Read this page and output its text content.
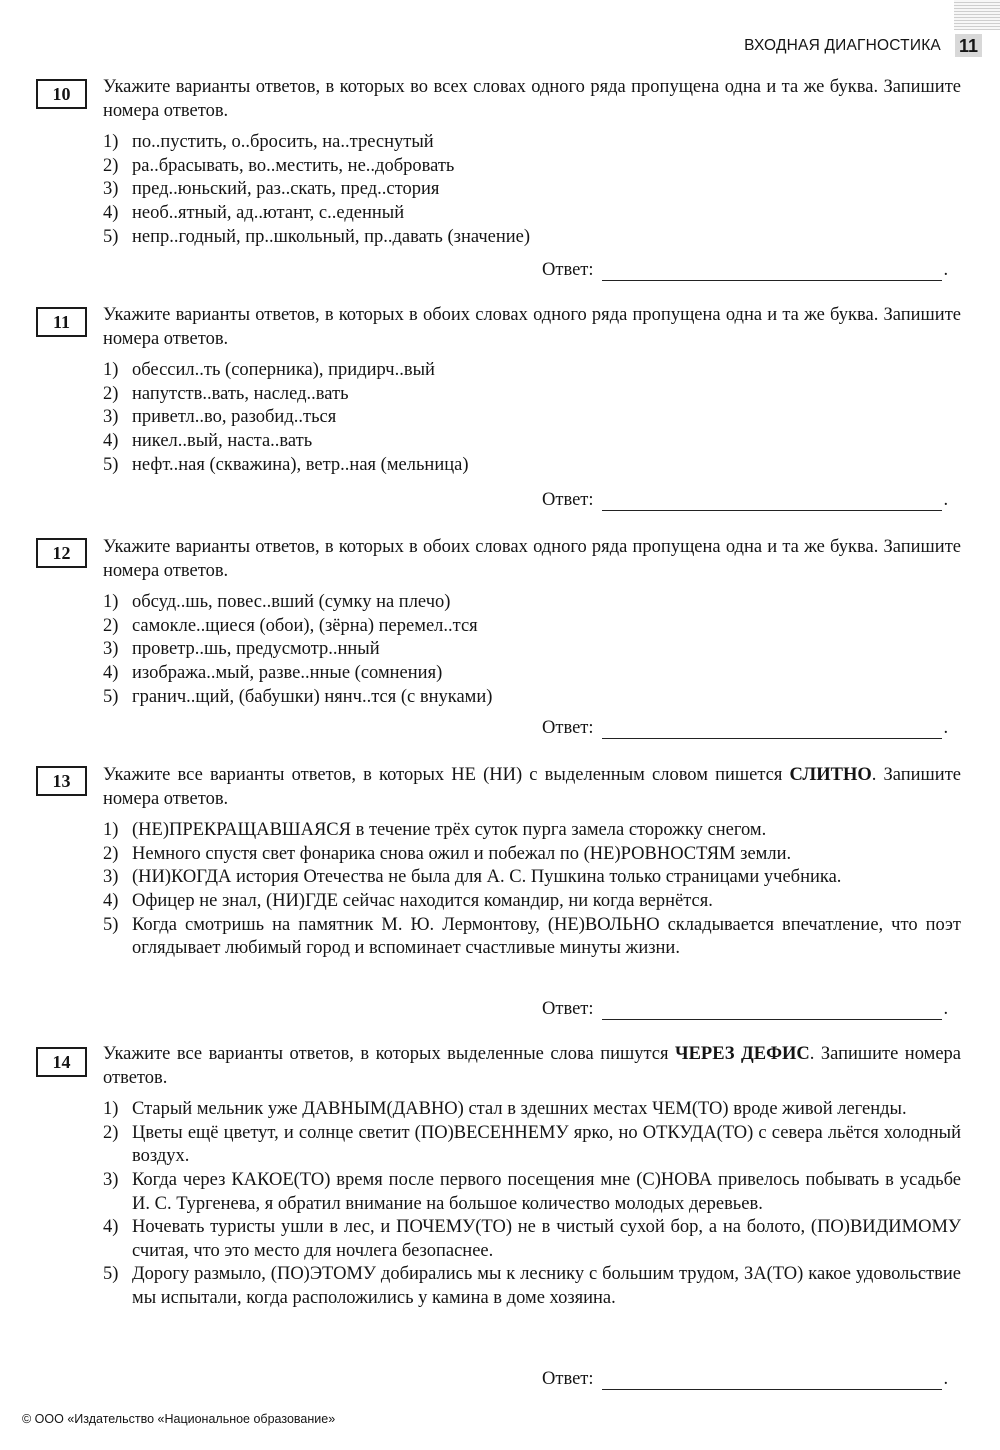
ВХОДНАЯ ДИАГНОСТИКА 11
10 Укажите варианты ответов, в которых во всех словах одного ряда пропущена одна и та же буква. Запишите номера ответов.

1) по..пустить, о..бросить, на..треснутый
2) ра..брасывать, во..местить, не..добровать
3) пред..юньский, раз..скать, пред..стория
4) необ..ятный, ад..ютант, с..еденный
5) непр..годный, пр..школьный, пр..давать (значение)
Ответ:	.
11 Укажите варианты ответов, в которых в обоих словах одного ряда пропущена одна и та же буква. Запишите номера ответов.

1) обессил..ть (соперника), придирч..вый
2) напутств..вать, наслед..вать
3) приветл..во, разобид..ться
4) никел..вый, наста..вать
5) нефт..ная (скважина), ветр..ная (мельница)
Ответ:	.
12 Укажите варианты ответов, в которых в обоих словах одного ряда пропущена одна и та же буква. Запишите номера ответов.

1) обсуд..шь, повес..вший (сумку на плечо)
2) самокле..щиеся (обои), (зёрна) перемел..тся
3) проветр..шь, предусмотр..нный
4) изобража..мый, разве..нные (сомнения)
5) гранич..щий, (бабушки) нянч..тся (с внуками)
Ответ:	.
13 Укажите все варианты ответов, в которых НЕ (НИ) с выделенным словом пишется СЛИТНО. Запишите номера ответов.

1) (НЕ)ПРЕКРАЩАВШАЯСЯ в течение трёх суток пурга замела сторожку снегом.
2) Немного спустя свет фонарика снова ожил и побежал по (НЕ)РОВНОСТЯМ земли.
3) (НИ)КОГДА история Отечества не была для А. С. Пушкина только страницами учебника.
4) Офицер не знал, (НИ)ГДЕ сейчас находится командир, ни когда вернётся.
5) Когда смотришь на памятник М. Ю. Лермонтову, (НЕ)ВОЛЬНО складывается впечатление, что поэт оглядывает любимый город и вспоминает счастливые минуты жизни.
Ответ:	.
14 Укажите все варианты ответов, в которых выделенные слова пишутся ЧЕРЕЗ ДЕФИС. Запишите номера ответов.

1) Старый мельник уже ДАВНЫМ(ДАВНО) стал в здешних местах ЧЕМ(ТО) вроде живой легенды.
2) Цветы ещё цветут, и солнце светит (ПО)ВЕСЕННЕМУ ярко, но ОТКУДА(ТО) с севера льётся холодный воздух.
3) Когда через КАКОЕ(ТО) время после первого посещения мне (С)НОВА привелось побывать в усадьбе И. С. Тургенева, я обратил внимание на большое количество молодых деревьев.
4) Ночевать туристы ушли в лес, и ПОЧЕМУ(ТО) не в чистый сухой бор, а на болото, (ПО)ВИДИМОМУ считая, что это место для ночлега безопаснее.
5) Дорогу размыло, (ПО)ЭТОМУ добирались мы к леснику с большим трудом, ЗА(ТО) какое удовольствие мы испытали, когда расположились у камина в доме хозяина.
Ответ:	.
© ООО «Издательство «Национальное образование»
